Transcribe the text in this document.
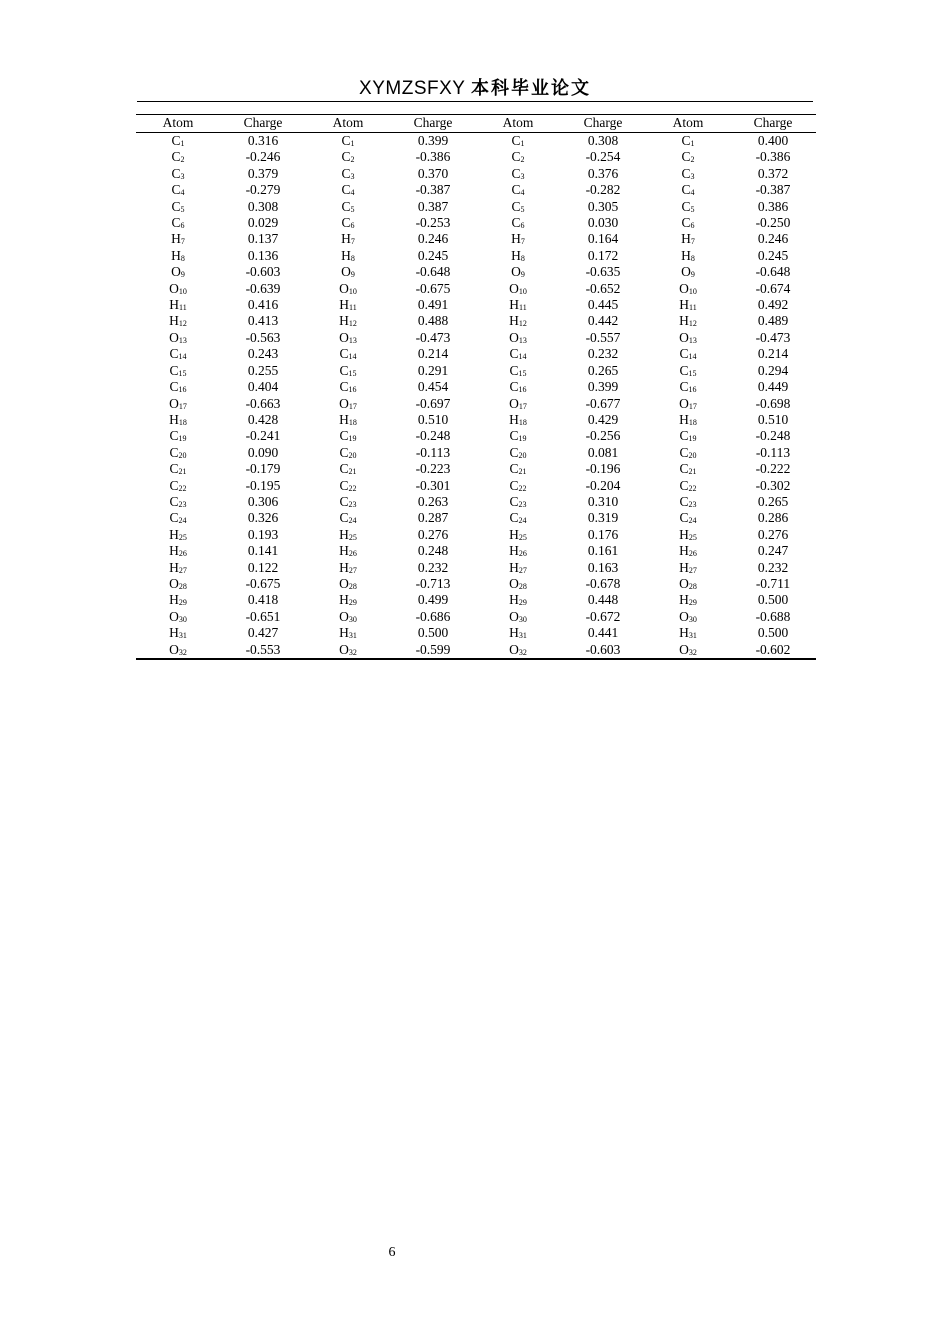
XYMZSFXY 本科毕业论文
Atom	Charge	Atom	Charge	Atom	Charge	Atom	Charge
$C_1$	0.316	$C_1$	0.399	$C_1$	0.308	$C_1$	0.400
$C_2$	-0.246	$C_2$	-0.386	$C_2$	-0.254	$C_2$	-0.386
$C_3$	0.379	$C_3$	0.370	$C_3$	0.376	$C_3$	0.372
$C_4$	-0.279	$C_4$	-0.387	$C_4$	-0.282	$C_4$	-0.387
$C_5$	0.308	$C_5$	0.387	$C_5$	0.305	$C_5$	0.386
$C_6$	0.029	$C_6$	-0.253	$C_6$	0.030	$C_6$	-0.250
$H_7$	0.137	$H_7$	0.246	$H_7$	0.164	$H_7$	0.246
$H_8$	0.136	$H_8$	0.245	$H_8$	0.172	$H_8$	0.245
$O_9$	-0.603	$O_9$	-0.648	$O_9$	-0.635	$O_9$	-0.648
$O_{10}$	-0.639	$O_{10}$	-0.675	$O_{10}$	-0.652	$O_{10}$	-0.674
$H_{11}$	0.416	$H_{11}$	0.491	$H_{11}$	0.445	$H_{11}$	0.492
$H_{12}$	0.413	$H_{12}$	0.488	$H_{12}$	0.442	$H_{12}$	0.489
$O_{13}$	-0.563	$O_{13}$	-0.473	$O_{13}$	-0.557	$O_{13}$	-0.473
$C_{14}$	0.243	$C_{14}$	0.214	$C_{14}$	0.232	$C_{14}$	0.214
$C_{15}$	0.255	$C_{15}$	0.291	$C_{15}$	0.265	$C_{15}$	0.294
$C_{16}$	0.404	$C_{16}$	0.454	$C_{16}$	0.399	$C_{16}$	0.449
$O_{17}$	-0.663	$O_{17}$	-0.697	$O_{17}$	-0.677	$O_{17}$	-0.698
$H_{18}$	0.428	$H_{18}$	0.510	$H_{18}$	0.429	$H_{18}$	0.510
$C_{19}$	-0.241	$C_{19}$	-0.248	$C_{19}$	-0.256	$C_{19}$	-0.248
$C_{20}$	0.090	$C_{20}$	-0.113	$C_{20}$	0.081	$C_{20}$	-0.113
$C_{21}$	-0.179	$C_{21}$	-0.223	$C_{21}$	-0.196	$C_{21}$	-0.222
$C_{22}$	-0.195	$C_{22}$	-0.301	$C_{22}$	-0.204	$C_{22}$	-0.302
$C_{23}$	0.306	$C_{23}$	0.263	$C_{23}$	0.310	$C_{23}$	0.265
$C_{24}$	0.326	$C_{24}$	0.287	$C_{24}$	0.319	$C_{24}$	0.286
$H_{25}$	0.193	$H_{25}$	0.276	$H_{25}$	0.176	$H_{25}$	0.276
$H_{26}$	0.141	$H_{26}$	0.248	$H_{26}$	0.161	$H_{26}$	0.247
$H_{27}$	0.122	$H_{27}$	0.232	$H_{27}$	0.163	$H_{27}$	0.232
$O_{28}$	-0.675	$O_{28}$	-0.713	$O_{28}$	-0.678	$O_{28}$	-0.711
$H_{29}$	0.418	$H_{29}$	0.499	$H_{29}$	0.448	$H_{29}$	0.500
$O_{30}$	-0.651	$O_{30}$	-0.686	$O_{30}$	-0.672	$O_{30}$	-0.688
$H_{31}$	0.427	$H_{31}$	0.500	$H_{31}$	0.441	$H_{31}$	0.500
$O_{32}$	-0.553	$O_{32}$	-0.599	$O_{32}$	-0.603	$O_{32}$	-0.602
6
